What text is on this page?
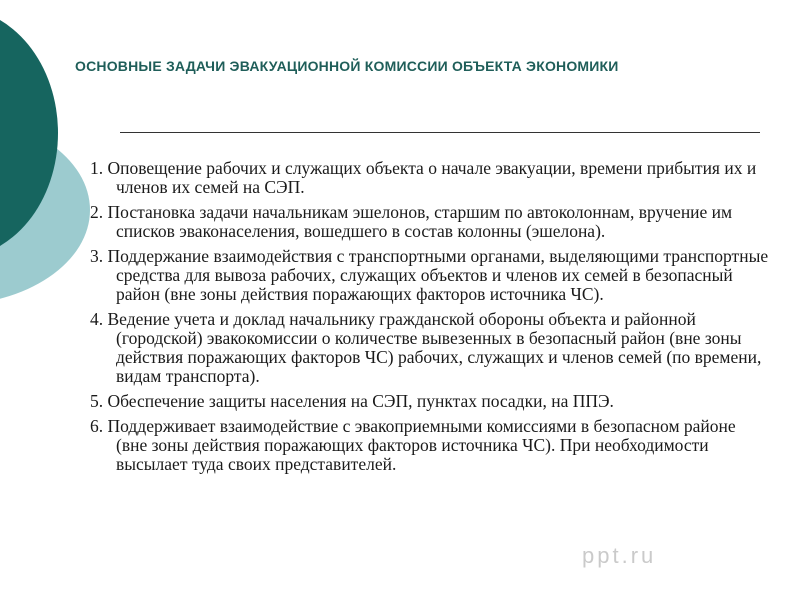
ОСНОВНЫЕ ЗАДАЧИ ЭВАКУАЦИОННОЙ КОМИССИИ ОБЪЕКТА ЭКОНОМИКИ
1. Оповещение рабочих и служащих объекта о начале эвакуации, времени прибытия их и членов их семей на СЭП.
2. Постановка задачи начальникам эшелонов, старшим по автоколоннам, вручение им списков эваконаселения, вошедшего в состав колонны (эшелона).
3. Поддержание взаимодействия с транспортными органами, выделяющими транспортные средства для вывоза рабочих, служащих объектов и членов их семей в безопасный район (вне зоны действия поражающих факторов источника ЧС).
4. Ведение учета и доклад начальнику гражданской обороны объекта и районной (городской) эвакокомиссии о количестве вывезенных в безопасный район (вне зоны действия поражающих факторов ЧС) рабочих, служащих и членов семей (по времени, видам транспорта).
5. Обеспечение защиты населения на СЭП, пунктах посадки, на ППЭ.
6. Поддерживает взаимодействие с эвакоприемными комиссиями в безопасном районе (вне зоны действия поражающих факторов источника ЧС). При необходимости высылает туда своих представителей.
ppt.ru
